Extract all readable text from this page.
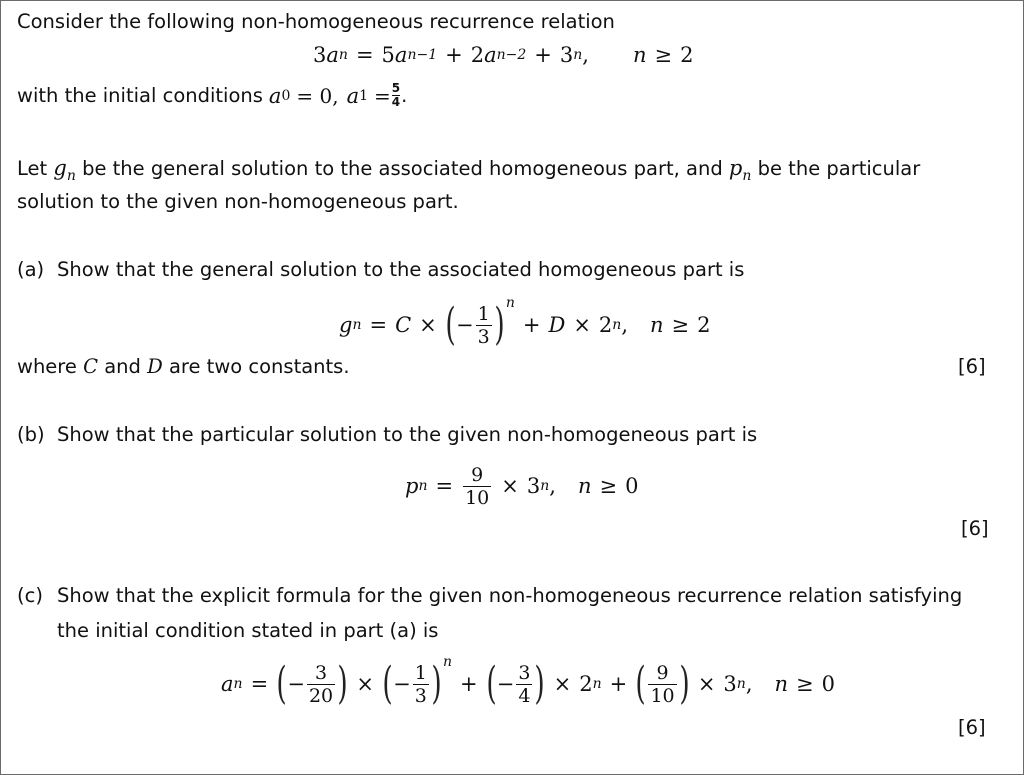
Consider the following non-homogeneous recurrence relation
3 a n = 5 a n−1 + 2 a n−2 + 3 n , n ≥ 2
with the initial conditions a 0 = 0, a $1 = \frac{5}{4}$ .
Let $g_n$ be the general solution to the associated homogeneous part, and $p_n$ be the particular
solution to the given non-homogeneous part.
(a) Show that the general solution to the associated homogeneous part is
g n = C × ( − $\frac{1}{3}$ ) n
+ D × 2 n , n ≥ 2
where C and D are two constants.	[6]
(b) Show that the particular solution to the given non-homogeneous part is
p $n = \frac{9}{10} \times 3$ n , n ≥ 0
[6]
(c) Show that the explicit formula for the given non-homogeneous recurrence relation satisfying
the initial condition stated in part (a) is
a n = ( − $\frac{3}{20}$ ) × ( − $\frac{1}{3}$ ) n
+ ( − $\frac{3}{4}$ ) × 2 n + ( $\frac{9}{10}$ ) × 3 n , n ≥ 0
[6]
